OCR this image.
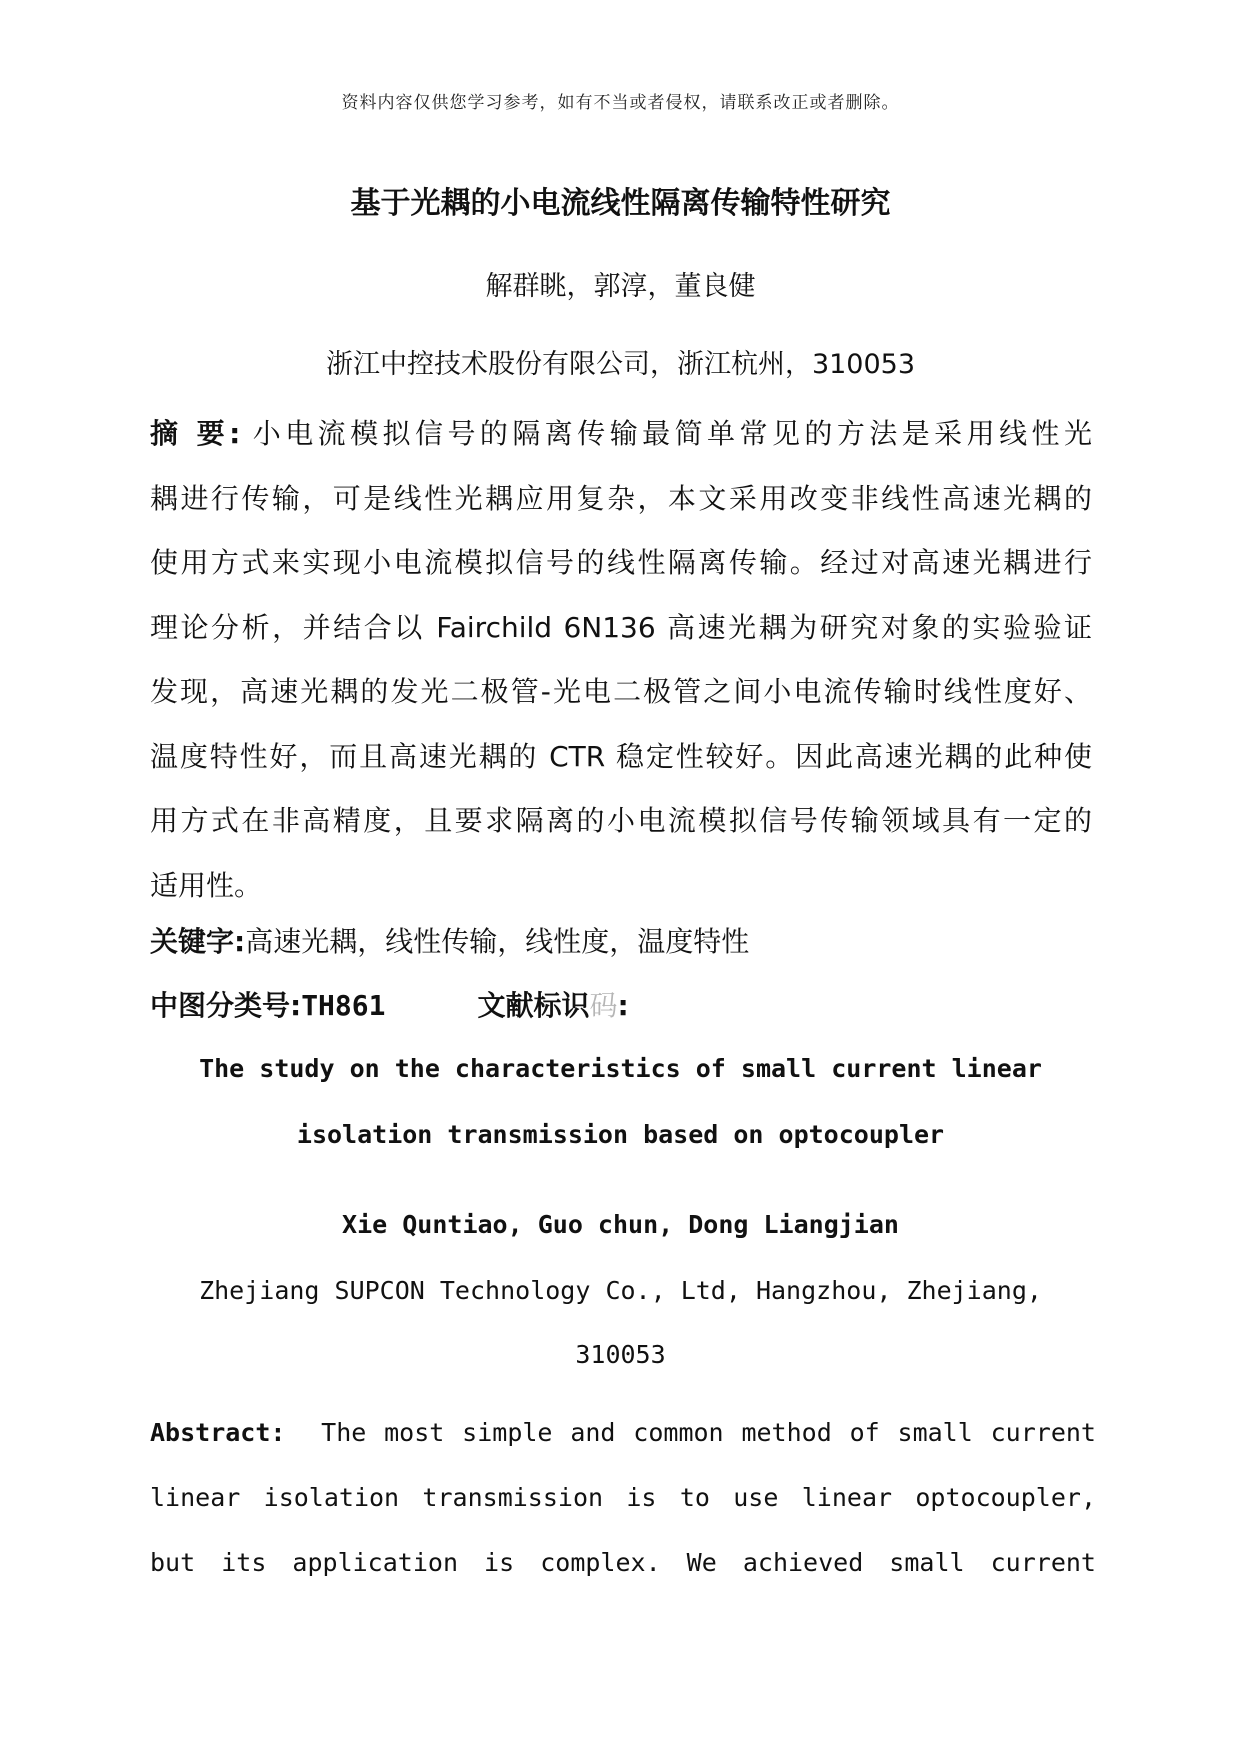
资料内容仅供您学习参考，如有不当或者侵权，请联系改正或者删除。
基于光耦的小电流线性隔离传输特性研究
解群眺，郭淳，董良健
浙江中控技术股份有限公司，浙江杭州，310053
摘 要: 小电流模拟信号的隔离传输最简单常见的方法是采用线性光
耦进行传输，可是线性光耦应用复杂，本文采用改变非线性高速光耦的
使用方式来实现小电流模拟信号的线性隔离传输。经过对高速光耦进行
理论分析，并结合以 Fairchild 6N136 高速光耦为研究对象的实验验证
发现，高速光耦的发光二极管-光电二极管之间小电流传输时线性度好、
温度特性好，而且高速光耦的 CTR 稳定性较好。因此高速光耦的此种使
用方式在非高精度，且要求隔离的小电流模拟信号传输领域具有一定的
适用性。
关键字:高速光耦，线性传输，线性度，温度特性
中图分类号:TH861	文献标识码:
The study on the characteristics of small current linear
isolation transmission based on optocoupler
Xie Quntiao, Guo chun, Dong Liangjian
Zhejiang SUPCON Technology Co., Ltd, Hangzhou, Zhejiang,
310053
Abstract: The most simple and common method of small current
linear isolation transmission is to use linear optocoupler,
but its application is complex. We achieved small current
